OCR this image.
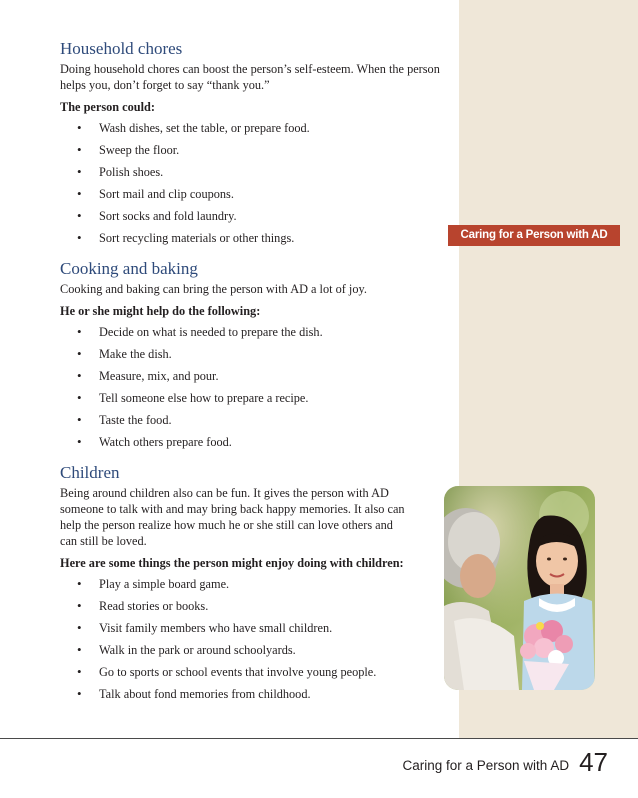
Caring for a Person with AD
Household chores

Doing household chores can boost the person’s self-esteem. When the person helps you, don’t forget to say “thank you.”

The person could:

• Wash dishes, set the table, or prepare food.
• Sweep the floor.
• Polish shoes.
• Sort mail and clip coupons.
• Sort socks and fold laundry.
• Sort recycling materials or other things.
Cooking and baking

Cooking and baking can bring the person with AD a lot of joy.

He or she might help do the following:

• Decide on what is needed to prepare the dish.
• Make the dish.
• Measure, mix, and pour.
• Tell someone else how to prepare a recipe.
• Taste the food.
• Watch others prepare food.
Children

Being around children also can be fun. It gives the person with AD someone to talk with and may bring back happy memories. It also can help the person realize how much he or she still can love others and can still be loved.

Here are some things the person might enjoy doing with children:

• Play a simple board game.
• Read stories or books.
• Visit family members who have small children.
• Walk in the park or around schoolyards.
• Go to sports or school events that involve young people.
• Talk about fond memories from childhood.
Caring for a Person with AD 47
